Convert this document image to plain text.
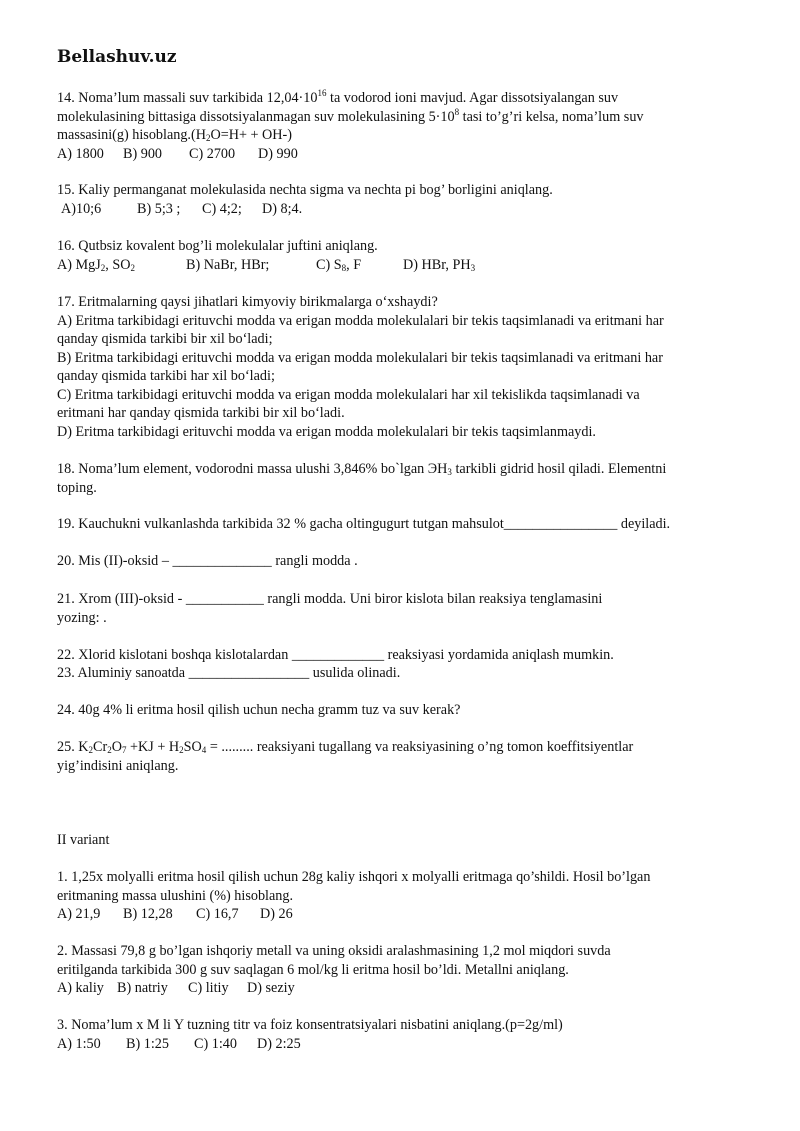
Bellashuv.uz

14. Noma’lum massali suv tarkibida $12,04\cdot 10^{16}$ ta vodorod ioni mavjud. Agar dissotsiyalangan suv

molekulasining bittasiga dissotsiyalanmagan suv molekulasining $5\cdot 10^8$ tasi to’g’ri kelsa, noma’lum suv

massasini(g) $hisoblang.(H_2O=H+ + OH-)$

A) 1800 B) 900 C) 2700 D) 990

15. Kaliy permanganat molekulasida nechta sigma va nechta pi bog’ borligini aniqlang.

A)10;6	B) 5;3 ; C) 4;2; D) 8;4.

16. Qutbsiz kovalent bog’li molekulalar juftini aniqlang.

A) MgJ$_2$, $SO_2$	B) NaBr, HBr;	C) $S_8$, F	D) HBr, $PH_3$

17. Eritmalarning qaysi jihatlari kimyoviy birikmalarga o‘xshaydi?

A) Eritma tarkibidagi erituvchi modda va erigan modda molekulalari bir tekis taqsimlanadi va eritmani har

qanday qismida tarkibi bir xil bo‘ladi;

B) Eritma tarkibidagi erituvchi modda va erigan modda molekulalari bir tekis taqsimlanadi va eritmani har

qanday qismida tarkibi har xil bo‘ladi;

C) Eritma tarkibidagi erituvchi modda va erigan modda molekulalari har xil tekislikda taqsimlanadi va

eritmani har qanday qismida tarkibi bir xil bo‘ladi.

D) Eritma tarkibidagi erituvchi modda va erigan modda molekulalari bir tekis taqsimlanmaydi.

18. Noma’lum element, vodorodni massa ulushi 3,846% bo`lgan $ЭH_3$ tarkibli gidrid hosil qiladi. Elementni

toping.

19. Kauchukni vulkanlashda tarkibida 32 % gacha oltingugurt tutgan mahsulot________________ deyiladi.

20. Mis (II)-oksid – ______________ rangli modda .

21. Xrom (III)-oksid - ___________ rangli modda. Uni biror kislota bilan reaksiya tenglamasini

yozing: .

22. Xlorid kislotani boshqa kislotalardan _____________ reaksiyasi yordamida aniqlash mumkin.

23. Aluminiy sanoatda _________________ usulida olinadi.

24. 40g 4% li eritma hosil qilish uchun necha gramm tuz va suv kerak?

25. $K_2Cr_2O_7 +KJ + H_2SO_4$ = ......... reaksiyani tugallang va reaksiyasining o’ng tomon koeffitsiyentlar

yig’indisini aniqlang.

II variant

1. 1,25x molyalli eritma hosil qilish uchun 28g kaliy ishqori x molyalli eritmaga qo’shildi. Hosil bo’lgan

eritmaning massa ulushini (%) hisoblang.

A) 21,9 B) 12,28 C) 16,7 D) 26

2. Massasi 79,8 g bo’lgan ishqoriy metall va uning oksidi aralashmasining 1,2 mol miqdori suvda

eritilganda tarkibida 300 g suv saqlagan 6 mol/kg li eritma hosil bo’ldi. Metallni aniqlang.

A) kaliy B) natriy C) litiy D) seziy

3. Noma’lum x M li Y tuzning titr va foiz konsentratsiyalari nisbatini aniqlang.(p=2g/ml)

A) 1:50 B) 1:25 C) 1:40 D) 2:25
